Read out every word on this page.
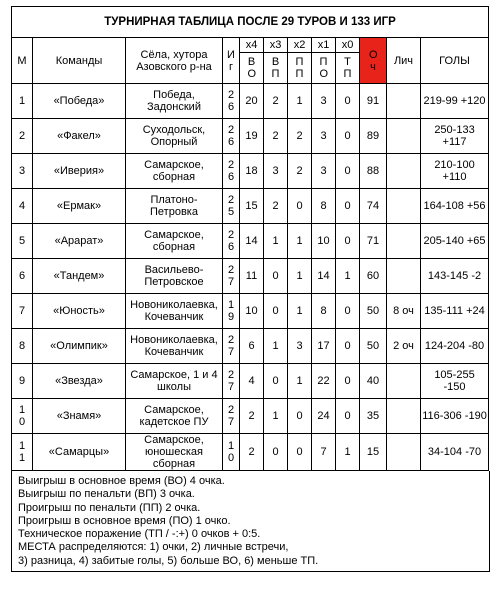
ТУРНИРНАЯ ТАБЛИЦА ПОСЛЕ 29 ТУРОВ И 133 ИГР											
М	Команды	Сёла, хутора Азовского р-на	Иг	х4	х3	х2	х1	х0	Оч	Лич	ГОЛЫ
				ВО	ВП	ПП	ПО	ТП			
1	«Победа»	Победа, Задонский	26	20	2	1	3	0	91		219-99 +120
2	«Факел»	Суходольск, Опорный	26	19	2	2	3	0	89		250-133 +117
3	«Иверия»	Самарское, сборная	26	18	3	2	3	0	88		210-100 +110
4	«Ермак»	Платоно-Петровка	25	15	2	0	8	0	74		164-108 +56
5	«Арарат»	Самарское, сборная	26	14	1	1	10	0	71		205-140 +65
6	«Тандем»	Васильево-Петровское	27	11	0	1	14	1	60		143-145 -2
7	«Юность»	Новониколаевка, Кочеванчик	19	10	0	1	8	0	50	8 оч	135-111 +24
8	«Олимпик»	Новониколаевка, Кочеванчик	27	6	1	3	17	0	50	2 оч	124-204 -80
9	«Звезда»	Самарское, 1 и 4 школы	27	4	0	1	22	0	40		105-255 -150
10	«Знамя»	Самарское, кадетское ПУ	27	2	1	0	24	0	35		116-306 -190
11	«Самарцы»	Самарское, юношеская сборная	10	2	0	0	7	1	15		34-104 -70
Выигрыш в основное время (ВО) 4 очка.
Выигрыш по пенальти (ВП) 3 очка.
Проигрыш по пенальти (ПП) 2 очка.
Проигрыш в основное время (ПО) 1 очко.
Техническое поражение (ТП / -:+) 0 очков + 0:5.
МЕСТА распределяются: 1) очки, 2) личные встречи,
3) разница, 4) забитые голы, 5) больше ВО, 6) меньше ТП.
